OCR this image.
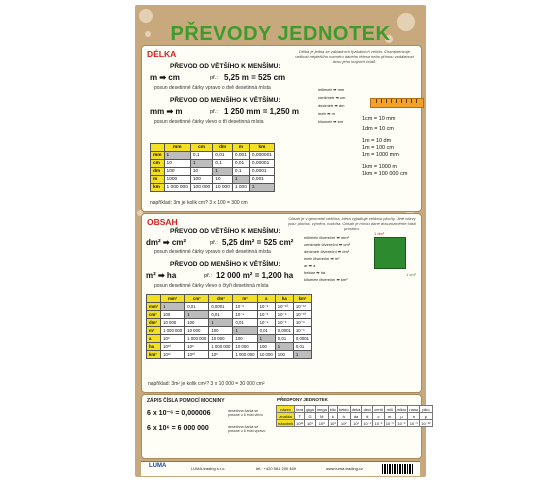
PŘEVODY JEDNOTEK
DÉLKA	Délka je jedna ze základních fyzikálních veličin. Charakterizuje velikost nejdelšího rozměru daného tělesa nebo přímou vzdálenost dvou jeho krajních bodů.
PŘEVOD OD VĚTŠÍHO K MENŠÍMU:
m ➡ cm	př.: 5,25 m = 525 cm
posun desetinné čárky vpravo o dvě desetinná místa
PŘEVOD OD MENŠÍHO K VĚTŠÍMU:
mm ➡ m	př.: 1 250 mm = 1,250 m
posun desetinné čárky vlevo o tři desetinná místa
milimetr ➡ mm
centimetr ➡ cm
decimetr ➡ dm
metr ➡ m
kilometr ➡ km	1cm = 10 mm
1dm = 10 cm
1m = 10 dm
1m = 100 cm
1m = 1000 mm
1km = 1000 m
1km = 100 000 cm
	mm	cm	dm	m	km
mm	1	0,1	0,01	0,001	0,000001
cm	10	1	0,1	0,01	0,00001
dm	100	10	1	0,1	0,0001
m	1000	100	10	1	0,001
km	1 000 000	100 000	10 000	1 000	1
například: 3m je kolik cm? 3 x 100 = 300 cm
OBSAH	Obsah je v geometrii veličina, která vyjadřuje velikost plochy. Jiné názvy jsou: plocha, výměra, rozloha. Obsah je mírou dané dvourozměrné části prostoru.
PŘEVOD OD VĚTŠÍHO K MENŠÍMU:
dm² ➡ cm²	př.: 5,25 dm² = 525 cm²
posun desetinné čárky vpravo o dvě desetinná místa
PŘEVOD OD MENŠÍHO K VĚTŠÍMU:
m² ➡ ha	př.: 12 000 m² = 1,200 ha
posun desetinné čárky vlevo o čtyři desetinná místa
milimetr čtvereční ➡ mm²
centimetr čtvereční ➡ cm²
decimetr čtvereční ➡ dm²
metr čtvereční ➡ m²
ar ➡ a
hektar ➡ ha
kilometr čtvereční ➡ km²
1 dm²
1 cm²
	mm²	cm²	dm²	m²	a	ha	km²
mm²	1	0,01	0,0001	10⁻⁶	10⁻⁸	10⁻¹⁰	10⁻¹²
cm²	100	1	0,01	10⁻⁴	10⁻⁶	10⁻⁸	10⁻¹⁰
dm²	10 000	100	1	0,01	10⁻⁴	10⁻⁶	10⁻⁸
m²	1 000 000	10 000	100	1	0,01	0,0001	10⁻⁶
a	10⁸	1 000 000	10 000	100	1	0,01	0,0001
ha	10¹⁰	10⁸	1 000 000	10 000	100	1	0,01
km²	10¹²	10¹⁰	10⁸	1 000 000	10 000	100	1
například: 3m² je kolik cm²? 3 x 10 000 = 30 000 cm²
ZÁPIS ČÍSLA POMOCÍ MOCNINY
6 x 10⁻⁶ = 0,000006	desetinná čárka se posune o 6 míst vlevo
6 x 10⁶ = 6 000 000	desetinná čárka se posune o 6 míst vpravo
PŘEDPONY JEDNOTEK
název	tera	giga	mega	kilo	hekto	deka	deci	centi	mili	mikro	nano	piko
značka	T	G	M	k	h	da	d	c	m	μ	n	p
násobek	10¹²	10⁹	10⁶	10³	10²	10¹	10⁻¹	10⁻²	10⁻³	10⁻⁶	10⁻⁹	10⁻¹²
LUMA	LUMA-trading s.r.o.	tel.: +420 581 200 469	www.luma-trading.cz
